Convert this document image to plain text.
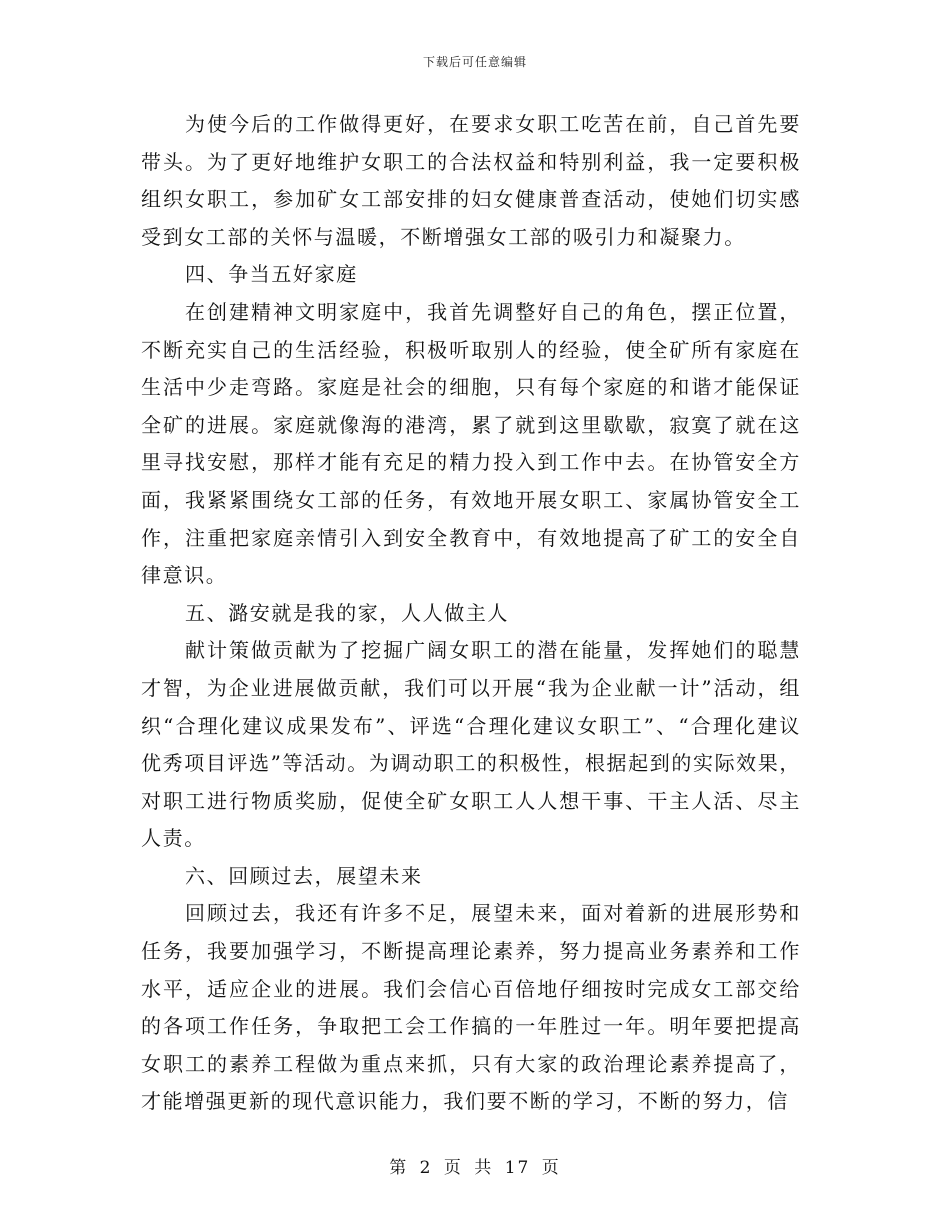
下载后可任意编辑

为使今后的工作做得更好，在要求女职工吃苦在前，自己首先要带头。为了更好地维护女职工的合法权益和特别利益，我一定要积极组织女职工，参加矿女工部安排的妇女健康普查活动，使她们切实感受到女工部的关怀与温暖，不断增强女工部的吸引力和凝聚力。

四、争当五好家庭

在创建精神文明家庭中，我首先调整好自己的角色，摆正位置，不断充实自己的生活经验，积极听取别人的经验，使全矿所有家庭在生活中少走弯路。家庭是社会的细胞，只有每个家庭的和谐才能保证全矿的进展。家庭就像海的港湾，累了就到这里歇歇，寂寞了就在这里寻找安慰，那样才能有充足的精力投入到工作中去。在协管安全方面，我紧紧围绕女工部的任务，有效地开展女职工、家属协管安全工作，注重把家庭亲情引入到安全教育中，有效地提高了矿工的安全自律意识。

五、潞安就是我的家，人人做主人

献计策做贡献为了挖掘广阔女职工的潜在能量，发挥她们的聪慧才智，为企业进展做贡献，我们可以开展“我为企业献一计”活动，组织“合理化建议成果发布”、评选“合理化建议女职工”、“合理化建议优秀项目评选”等活动。为调动职工的积极性，根据起到的实际效果，对职工进行物质奖励，促使全矿女职工人人想干事、干主人活、尽主人责。

六、回顾过去，展望未来

回顾过去，我还有许多不足，展望未来，面对着新的进展形势和任务，我要加强学习，不断提高理论素养，努力提高业务素养和工作水平，适应企业的进展。我们会信心百倍地仔细按时完成女工部交给的各项工作任务，争取把工会工作搞的一年胜过一年。明年要把提高女职工的素养工程做为重点来抓，只有大家的政治理论素养提高了，才能增强更新的现代意识能力，我们要不断的学习，不断的努力，信

第 2 页 共 17 页
